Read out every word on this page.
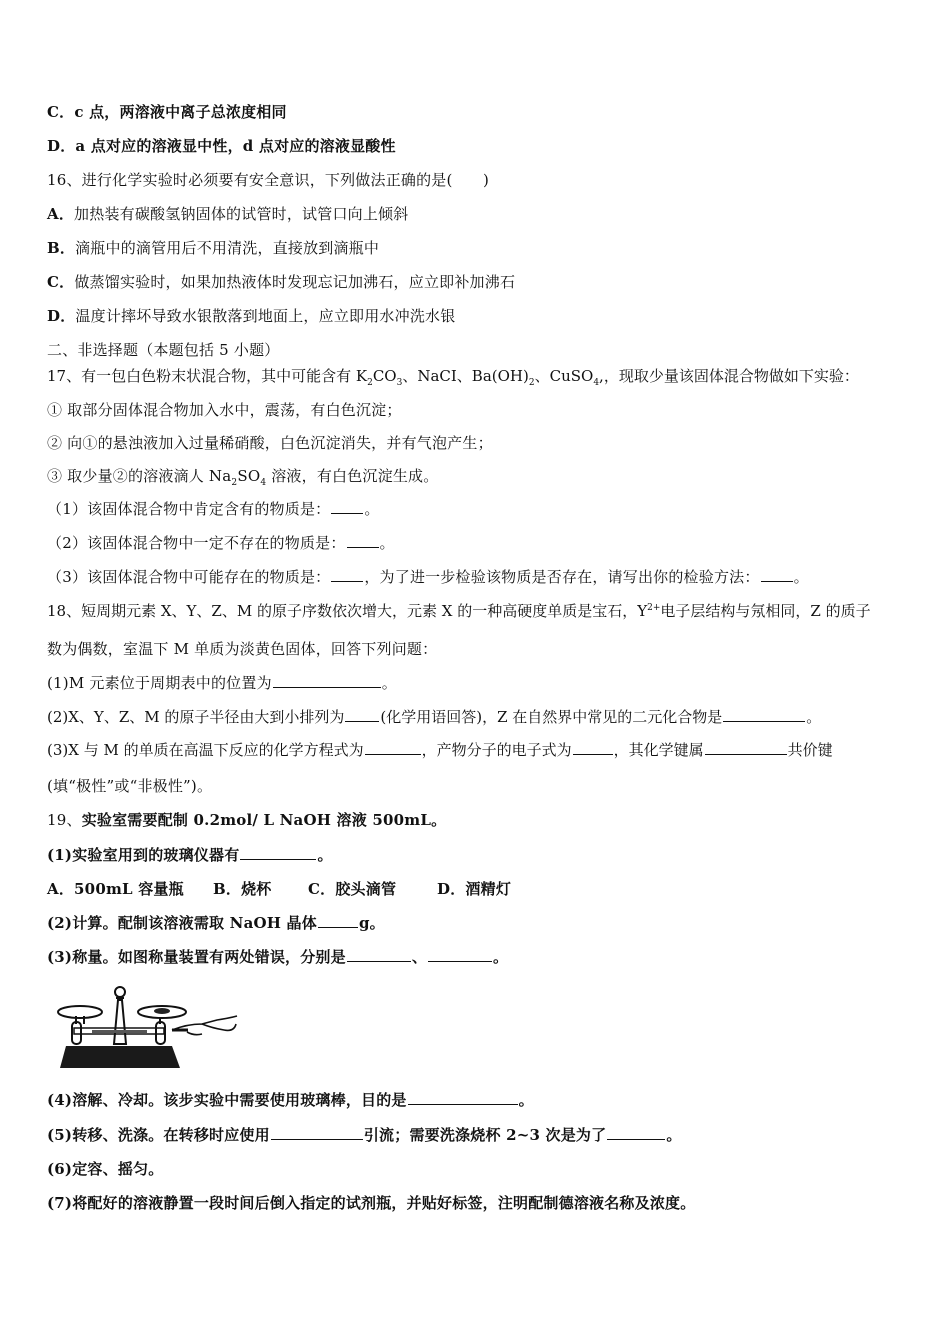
C．c 点，两溶液中离子总浓度相同
D．a 点对应的溶液显中性，d 点对应的溶液显酸性
16、进行化学实验时必须要有安全意识，下列做法正确的是(　　)
A．加热装有碳酸氢钠固体的试管时，试管口向上倾斜
B．滴瓶中的滴管用后不用清洗，直接放到滴瓶中
C．做蒸馏实验时，如果加热液体时发现忘记加沸石，应立即补加沸石
D．温度计摔坏导致水银散落到地面上，应立即用水冲洗水银
二、非选择题（本题包括 5 小题）
17、有一包白色粉末状混合物，其中可能含有 $K_2CO_3$、NaCI、$Ba(OH)_2$、CuSO$_4$,，现取少量该固体混合物做如下实验：
① 取部分固体混合物加入水中，震荡，有白色沉淀；
② 向①的悬浊液加入过量稀硝酸，白色沉淀消失，并有气泡产生；
③ 取少量②的溶液滴人 $Na_2SO_4$ 溶液，有白色沉淀生成。
（1）该固体混合物中肯定含有的物质是： 。
（2）该固体混合物中一定不存在的物质是： 。
（3）该固体混合物中可能存在的物质是： ，为了进一步检验该物质是否存在，请写出你的检验方法： 。
18、短周期元素 X、Y、Z、M 的原子序数依次增大，元素 X 的一种高硬度单质是宝石，$Y^{2+}$电子层结构与氖相同，Z 的质子
数为偶数，室温下 M 单质为淡黄色固体，回答下列问题：
(1)M 元素位于周期表中的位置为	。
(2)X、Y、Z、M 的原子半径由大到小排列为 (化学用语回答)，Z 在自然界中常见的二元化合物是	。
(3)X 与 M 的单质在高温下反应的化学方程式为	，产物分子的电子式为	，其化学键属	共价键
(填“极性”或“非极性”)。
19、实验室需要配制 0.2mol/ L NaOH 溶液 500mL。
(1)实验室用到的玻璃仪器有	。
A．500mL 容量瓶 B．烧杯 C．胶头滴管	D．酒精灯
(2)计算。配制该溶液需取 NaOH 晶体	g。
(3)称量。如图称量装置有两处错误，分别是	、	。
(4)溶解、冷却。该步实验中需要使用玻璃棒，目的是	。
(5)转移、洗涤。在转移时应使用	引流；需要洗涤烧杯 2~3 次是为了	。
(6)定容、摇匀。
(7)将配好的溶液静置一段时间后倒入指定的试剂瓶，并贴好标签，注明配制德溶液名称及浓度。
